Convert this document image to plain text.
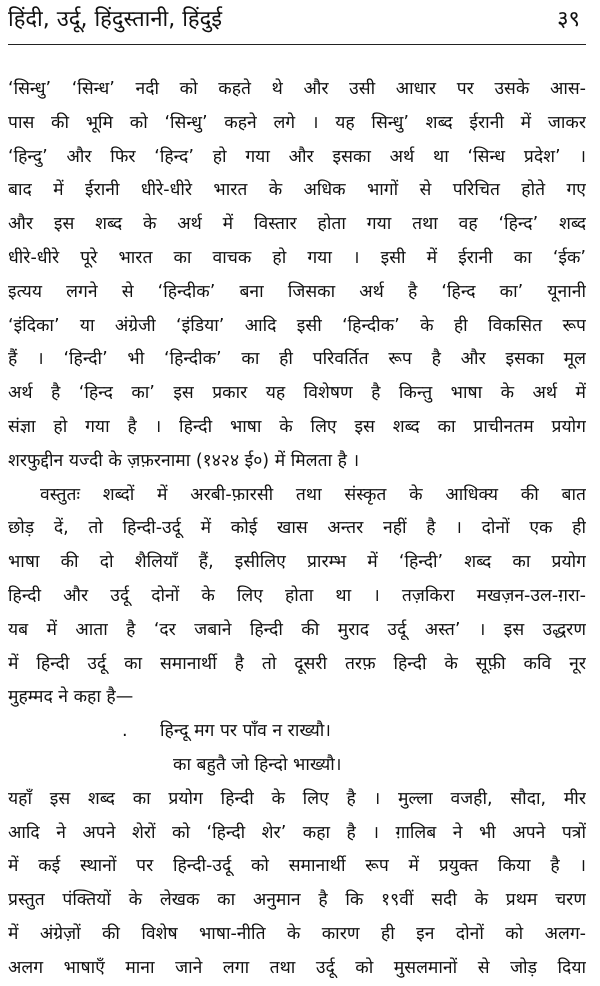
हिंदी, उर्दू, हिंदुस्तानी, हिंदुई	३९

‘सिन्धु’ ‘सिन्ध’ नदी को कहते थे और उसी आधार पर उसके आस-
पास की भूमि को ‘सिन्धु’ कहने लगे । यह सिन्धु’ शब्द ईरानी में जाकर
‘हिन्दु’ और फिर ‘हिन्द’ हो गया और इसका अर्थ था ‘सिन्ध प्रदेश’ ।
बाद में ईरानी धीरे-धीरे भारत के अधिक भागों से परिचित होते गए
और इस शब्द के अर्थ में विस्तार होता गया तथा वह ‘हिन्द’ शब्द
धीरे-धीरे पूरे भारत का वाचक हो गया । इसी में ईरानी का ‘ईक’
इत्यय लगने से ‘हिन्दीक’ बना जिसका अर्थ है ‘हिन्द का’ यूनानी
‘इंदिका’ या अंग्रेजी ‘इंडिया’ आदि इसी ‘हिन्दीक’ के ही विकसित रूप
हैं । ‘हिन्दी’ भी ‘हिन्दीक’ का ही परिवर्तित रूप है और इसका मूल
अर्थ है ‘हिन्द का’ इस प्रकार यह विशेषण है किन्तु भाषा के अर्थ में
संज्ञा हो गया है । हिन्दी भाषा के लिए इस शब्द का प्राचीनतम प्रयोग
शरफुद्दीन यज्दी के ज़फ़रनामा (१४२४ ई०) में मिलता है ।

वस्तुतः शब्दों में अरबी-फ़ारसी तथा संस्कृत के आधिक्य की बात
छोड़ दें, तो हिन्दी-उर्दू में कोई खास अन्तर नहीं है । दोनों एक ही
भाषा की दो शैलियाँ हैं, इसीलिए प्रारम्भ में ‘हिन्दी’ शब्द का प्रयोग
हिन्दी और उर्दू दोनों के लिए होता था । तज़किरा मखज़न-उल-ग़रा-
यब में आता है ‘दर जबाने हिन्दी की मुराद उर्दू अस्त’ । इस उद्धरण
में हिन्दी उर्दू का समानार्थी है तो दूसरी तरफ़ हिन्दी के सूफ़ी कवि नूर
मुहम्मद ने कहा है—

.	हिन्दू मग पर पाँव न राख्यौ।
का बहुतै जो हिन्दो भाख्यौ।

यहाँ इस शब्द का प्रयोग हिन्दी के लिए है । मुल्ला वजही, सौदा, मीर
आदि ने अपने शेरों को ‘हिन्दी शेर’ कहा है । ग़ालिब ने भी अपने पत्रों
में कई स्थानों पर हिन्दी-उर्दू को समानार्थी रूप में प्रयुक्त किया है ।
प्रस्तुत पंक्तियों के लेखक का अनुमान है कि १९वीं सदी के प्रथम चरण
में अंग्रेज़ों की विशेष भाषा-नीति के कारण ही इन दोनों को अलग-
अलग भाषाएँ माना जाने लगा तथा उर्दू को मुसलमानों से जोड़ दिया
